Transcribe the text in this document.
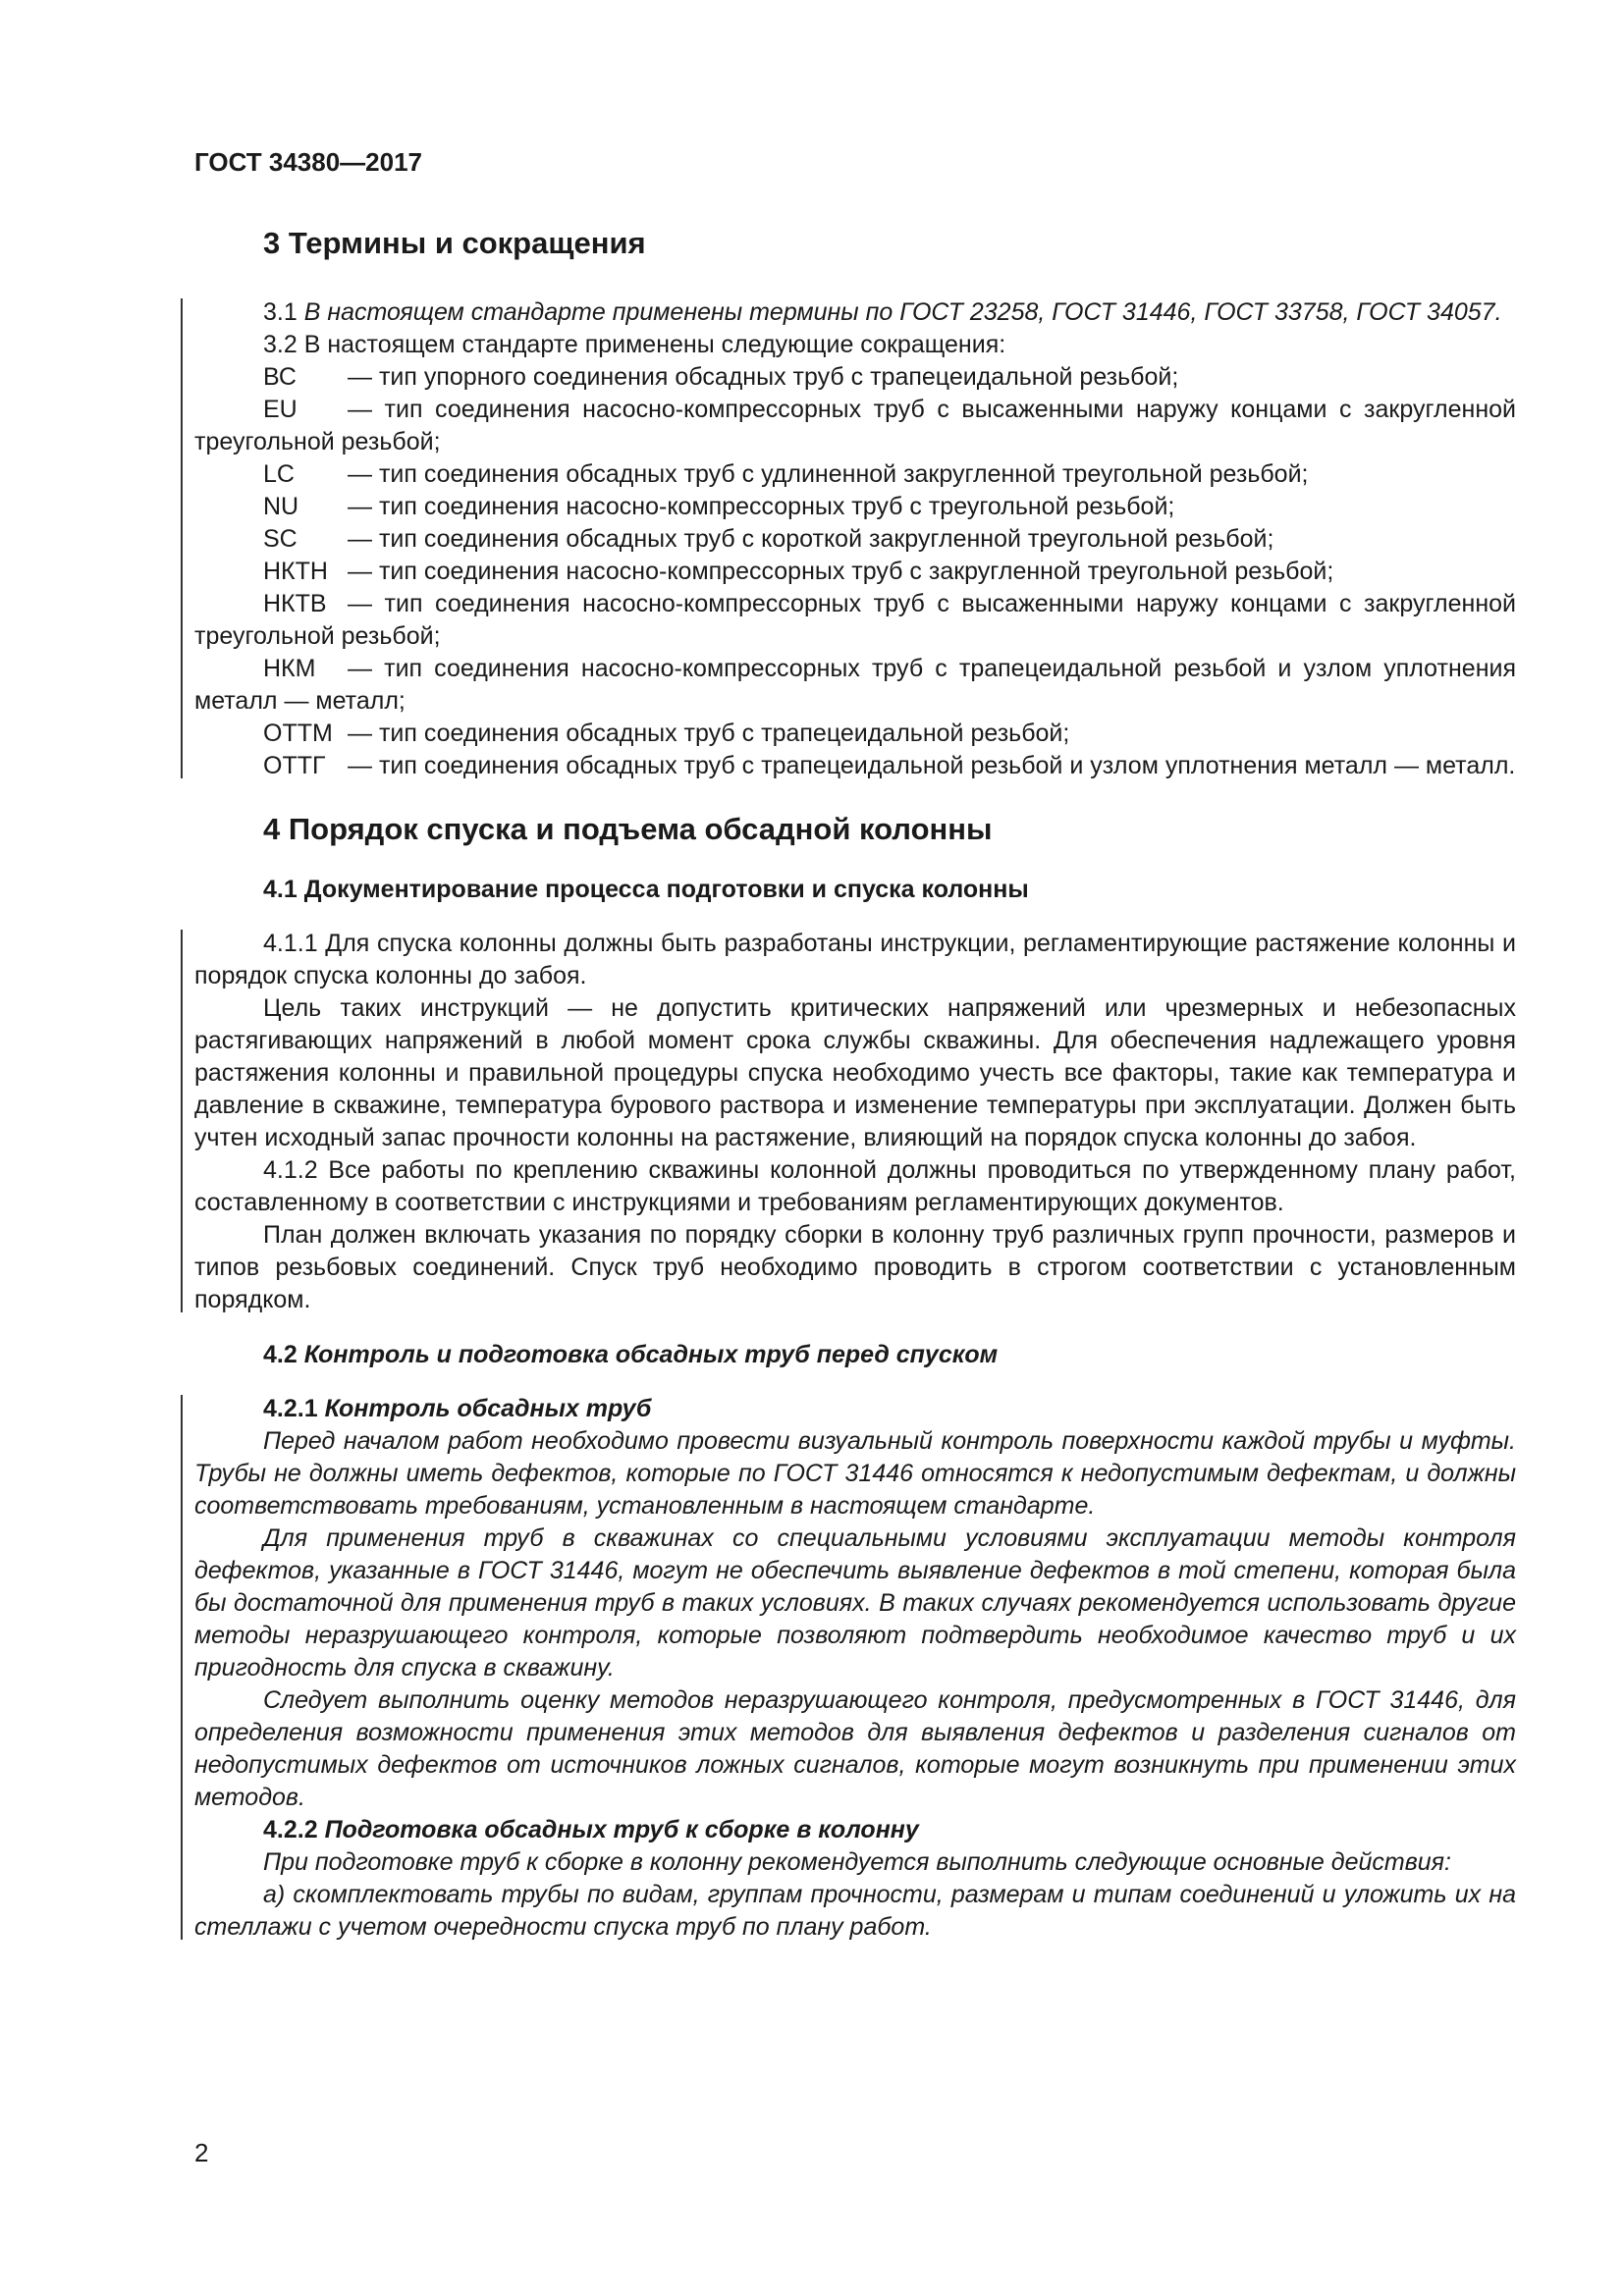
ГОСТ 34380—2017
3 Термины и сокращения

3.1 В настоящем стандарте применены термины по ГОСТ 23258, ГОСТ 31446, ГОСТ 33758, ГОСТ 34057.

3.2 В настоящем стандарте применены следующие сокращения:

ВС	— тип упорного соединения обсадных труб с трапецеидальной резьбой;
EU — тип соединения насосно-компрессорных труб с высаженными наружу концами с закругленной треугольной резьбой;
LC	— тип соединения обсадных труб с удлиненной закругленной треугольной резьбой;
NU	— тип соединения насосно-компрессорных труб с треугольной резьбой;
SC	— тип соединения обсадных труб с короткой закругленной треугольной резьбой;
НКТН — тип соединения насосно-компрессорных труб с закругленной треугольной резьбой;
НКТВ — тип соединения насосно-компрессорных труб с высаженными наружу концами с закругленной треугольной резьбой;
НКМ — тип соединения насосно-компрессорных труб с трапецеидальной резьбой и узлом уплотнения металл — металл;
ОТТМ — тип соединения обсадных труб с трапецеидальной резьбой;
ОТТГ — тип соединения обсадных труб с трапецеидальной резьбой и узлом уплотнения металл — металл.
4 Порядок спуска и подъема обсадной колонны
4.1 Документирование процесса подготовки и спуска колонны

4.1.1 Для спуска колонны должны быть разработаны инструкции, регламентирующие растяжение колонны и порядок спуска колонны до забоя.

Цель таких инструкций — не допустить критических напряжений или чрезмерных и небезопасных растягивающих напряжений в любой момент срока службы скважины. Для обеспечения надлежащего уровня растяжения колонны и правильной процедуры спуска необходимо учесть все факторы, такие как температура и давление в скважине, температура бурового раствора и изменение температуры при эксплуатации. Должен быть учтен исходный запас прочности колонны на растяжение, влияющий на порядок спуска колонны до забоя.

4.1.2 Все работы по креплению скважины колонной должны проводиться по утвержденному плану работ, составленному в соответствии с инструкциями и требованиям регламентирующих документов.

План должен включать указания по порядку сборки в колонну труб различных групп прочности, размеров и типов резьбовых соединений. Спуск труб необходимо проводить в строгом соответствии с установленным порядком.

4.2 Контроль и подготовка обсадных труб перед спуском
4.2.1 Контроль обсадных труб

Перед началом работ необходимо провести визуальный контроль поверхности каждой трубы и муфты. Трубы не должны иметь дефектов, которые по ГОСТ 31446 относятся к недопустимым дефектам, и должны соответствовать требованиям, установленным в настоящем стандарте.

Для применения труб в скважинах со специальными условиями эксплуатации методы контроля дефектов, указанные в ГОСТ 31446, могут не обеспечить выявление дефектов в той степени, которая была бы достаточной для применения труб в таких условиях. В таких случаях рекомендуется использовать другие методы неразрушающего контроля, которые позволяют подтвердить необходимое качество труб и их пригодность для спуска в скважину.

Следует выполнить оценку методов неразрушающего контроля, предусмотренных в ГОСТ 31446, для определения возможности применения этих методов для выявления дефектов и разделения сигналов от недопустимых дефектов от источников ложных сигналов, которые могут возникнуть при применении этих методов.

4.2.2 Подготовка обсадных труб к сборке в колонну

При подготовке труб к сборке в колонну рекомендуется выполнить следующие основные действия:

а) скомплектовать трубы по видам, группам прочности, размерам и типам соединений и уложить их на стеллажи с учетом очередности спуска труб по плану работ.

2
